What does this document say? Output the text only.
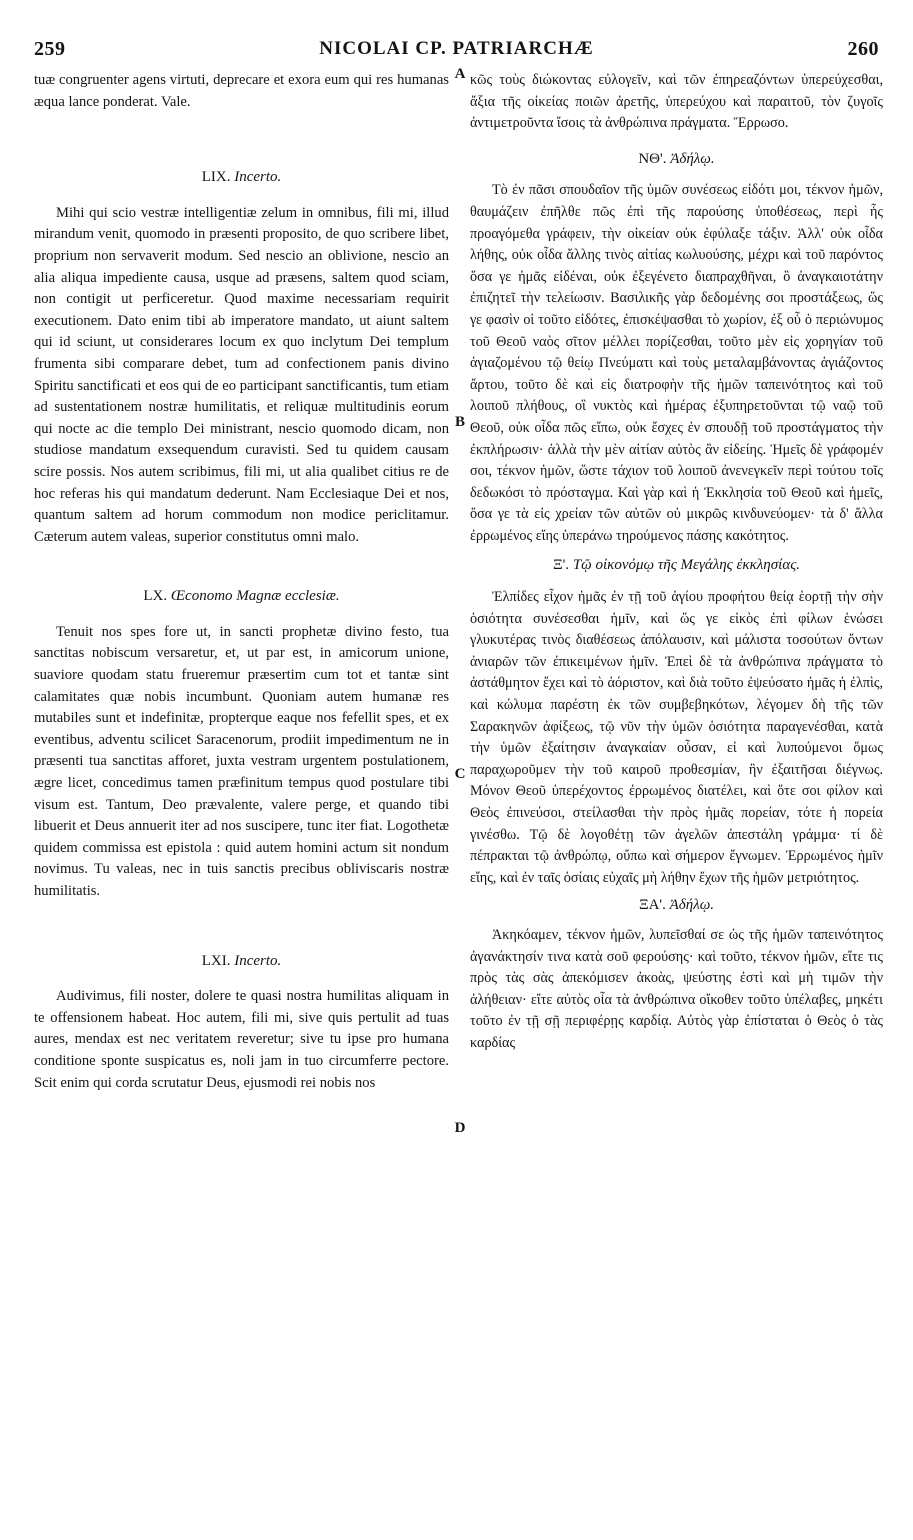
259	NICOLAI CP. PATRIARCHÆ	260
A
B
C
D

tuæ congruenter agens virtuti, deprecare et exora eum qui res humanas æqua lance ponderat. Vale.

LIX. Incerto.

Mihi qui scio vestræ intelligentiæ zelum in omnibus, fili mi, illud mirandum venit, quomodo in præsenti proposito, de quo scribere libet, proprium non servaverit modum. Sed nescio an oblivione, nescio an alia aliqua impediente causa, usque ad præsens, saltem quod sciam, non contigit ut perficeretur. Quod maxime necessariam requirit executionem. Dato enim tibi ab imperatore mandato, ut aiunt saltem qui id sciunt, ut considerares locum ex quo inclytum Dei templum frumenta sibi comparare debet, tum ad confectionem panis divino Spiritu sanctificati et eos qui de eo participant sanctificantis, tum etiam ad sustentationem nostræ humilitatis, et reliquæ multitudinis eorum qui nocte ac die templo Dei ministrant, nescio quomodo dicam, non studiose mandatum exsequendum curavisti. Sed tu quidem causam scire possis. Nos autem scribimus, fili mi, ut alia qualibet citius re de hoc referas his qui mandatum dederunt. Nam Ecclesiaque Dei et nos, quantum saltem ad horum commodum non modice periclitamur. Cæterum autem valeas, superior constitutus omni malo.

LX. Œconomo Magnæ ecclesiæ.

Tenuit nos spes fore ut, in sancti prophetæ divino festo, tua sanctitas nobiscum versaretur, et, ut par est, in amicorum unione, suaviore quodam statu frueremur præsertim cum tot et tantæ sint calamitates quæ nobis incumbunt. Quoniam autem humanæ res mutabiles sunt et indefinitæ, propterque eaque nos fefellit spes, et ex eventibus, adventu scilicet Saracenorum, prodiit impedimentum ne in præsenti tua sanctitas afforet, juxta vestram urgentem postulationem, ægre licet, concedimus tamen præfinitum tempus quod postulare tibi visum est. Tantum, Deo prævalente, valere perge, et quando tibi libuerit et Deus annuerit iter ad nos suscipere, tunc iter fiat. Logothetæ quidem commissa est epistola : quid autem homini actum sit nondum novimus. Tu valeas, nec in tuis sanctis precibus obliviscaris nostræ humilitatis.

LXI. Incerto.

Audivimus, fili noster, dolere te quasi nostra humilitas aliquam in te offensionem habeat. Hoc autem, fili mi, sive quis pertulit ad tuas aures, mendax est nec veritatem reveretur; sive tu ipse pro humana conditione sponte suspicatus es, noli jam in tuo circumferre pectore. Scit enim qui corda scrutatur Deus, ejusmodi rei nobis nos

κῶς τοὺς διώκοντας εὐλογεῖν, καὶ τῶν ἐπηρεαζόντων ὑπερεύχεσθαι, ἄξια τῆς οἰκείας ποιῶν ἀρετῆς, ὑπερεύχου καὶ παραιτοῦ, τὸν ζυγοῖς ἀντιμετροῦντα ἴσοις τὰ ἀνθρώπινα πράγματα. Ἔρρωσο.

ΝΘ'. Ἀδήλῳ.

Τὸ ἐν πᾶσι σπουδαῖον τῆς ὑμῶν συνέσεως εἰδότι μοι, τέκνον ἡμῶν, θαυμάζειν ἐπῆλθε πῶς ἐπὶ τῆς παρούσης ὑποθέσεως, περὶ ἧς προαγόμεθα γράφειν, τὴν οἰκείαν οὐκ ἐφύλαξε τάξιν. Ἀλλ' οὐκ οἶδα λήθης, οὐκ οἶδα ἄλλης τινὸς αἰτίας κωλυούσης, μέχρι καὶ τοῦ παρόντος ὅσα γε ἡμᾶς εἰδέναι, οὐκ ἐξεγένετο διαπραχθῆναι, ὃ ἀναγκαιοτάτην ἐπιζητεῖ τὴν τελείωσιν. Βασιλικῆς γὰρ δεδομένης σοι προστάξεως, ὥς γε φασὶν οἱ τοῦτο εἰδότες, ἐπισκέψασθαι τὸ χωρίον, ἐξ οὗ ὁ περιώνυμος τοῦ Θεοῦ ναὸς σῖτον μέλλει πορίζεσθαι, τοῦτο μὲν εἰς χορηγίαν τοῦ ἁγιαζομένου τῷ θείῳ Πνεύματι καὶ τοὺς μεταλαμβάνοντας ἁγιάζοντος ἄρτου, τοῦτο δὲ καὶ εἰς διατροφὴν τῆς ἡμῶν ταπεινότητος καὶ τοῦ λοιποῦ πλήθους, οἳ νυκτὸς καὶ ἡμέρας ἐξυπηρετοῦνται τῷ ναῷ τοῦ Θεοῦ, οὐκ οἶδα πῶς εἴπω, οὐκ ἔσχες ἐν σπουδῇ τοῦ προστάγματος τὴν ἐκπλήρωσιν· ἀλλὰ τὴν μὲν αἰτίαν αὐτὸς ἂν εἰδείης. Ἡμεῖς δὲ γράφομέν σοι, τέκνον ἡμῶν, ὥστε τάχιον τοῦ λοιποῦ ἀνενεγκεῖν περὶ τούτου τοῖς δεδωκόσι τὸ πρόσταγμα. Καὶ γὰρ καὶ ἡ Ἐκκλησία τοῦ Θεοῦ καὶ ἡμεῖς, ὅσα γε τὰ εἰς χρείαν τῶν αὐτῶν οὐ μικρῶς κινδυνεύομεν· τὰ δ' ἄλλα ἐρρωμένος εἴης ὑπεράνω τηρούμενος πάσης κακότητος.

Ξ'. Τῷ οἰκονόμῳ τῆς Μεγάλης ἐκκλησίας.

Ἐλπίδες εἶχον ἡμᾶς ἐν τῇ τοῦ ἁγίου προφήτου θείᾳ ἑορτῇ τὴν σὴν ὁσιότητα συνέσεσθαι ἡμῖν, καὶ ὥς γε εἰκὸς ἐπὶ φίλων ἑνώσει γλυκυτέρας τινὸς διαθέσεως ἀπόλαυσιν, καὶ μάλιστα τοσούτων ὄντων ἀνιαρῶν τῶν ἐπικειμένων ἡμῖν. Ἐπεὶ δὲ τὰ ἀνθρώπινα πράγματα τὸ ἀστάθμητον ἔχει καὶ τὸ ἀόριστον, καὶ διὰ τοῦτο ἐψεύσατο ἡμᾶς ἡ ἐλπὶς, καὶ κώλυμα παρέστη ἐκ τῶν συμβεβηκότων, λέγομεν δὴ τῆς τῶν Σαρακηνῶν ἀφίξεως, τῷ νῦν τὴν ὑμῶν ὁσιότητα παραγενέσθαι, κατὰ τὴν ὑμῶν ἐξαίτησιν ἀναγκαίαν οὖσαν, εἰ καὶ λυπούμενοι ὅμως παραχωροῦμεν τὴν τοῦ καιροῦ προθεσμίαν, ἣν ἐξαιτῆσαι διέγνως. Μόνον Θεοῦ ὑπερέχοντος ἐρρωμένος διατέλει, καὶ ὅτε σοι φίλον καὶ Θεὸς ἐπινεύσοι, στείλασθαι τὴν πρὸς ἡμᾶς πορείαν, τότε ἡ πορεία γινέσθω. Τῷ δὲ λογοθέτῃ τῶν ἀγελῶν ἀπεστάλη γράμμα· τί δὲ πέπρακται τῷ ἀνθρώπῳ, οὔπω καὶ σήμερον ἔγνωμεν. Ἐρρωμένος ἡμῖν εἴης, καὶ ἐν ταῖς ὁσίαις εὐχαῖς μὴ λήθην ἔχων τῆς ἡμῶν μετριότητος.

ΞΑ'. Ἀδήλῳ.

Ἀκηκόαμεν, τέκνον ἡμῶν, λυπεῖσθαί σε ὡς τῆς ἡμῶν ταπεινότητος ἀγανάκτησίν τινα κατὰ σοῦ φερούσης· καὶ τοῦτο, τέκνον ἡμῶν, εἴτε τις πρὸς τὰς σὰς ἀπεκόμισεν ἀκοὰς, ψεύστης ἐστὶ καὶ μὴ τιμῶν τὴν ἀλήθειαν· εἴτε αὐτὸς οἷα τὰ ἀνθρώπινα οἴκοθεν τοῦτο ὑπέλαβες, μηκέτι τοῦτο ἐν τῇ σῇ περιφέρῃς καρδίᾳ. Αὐτὸς γὰρ ἐπίσταται ὁ Θεὸς ὁ τὰς καρδίας
